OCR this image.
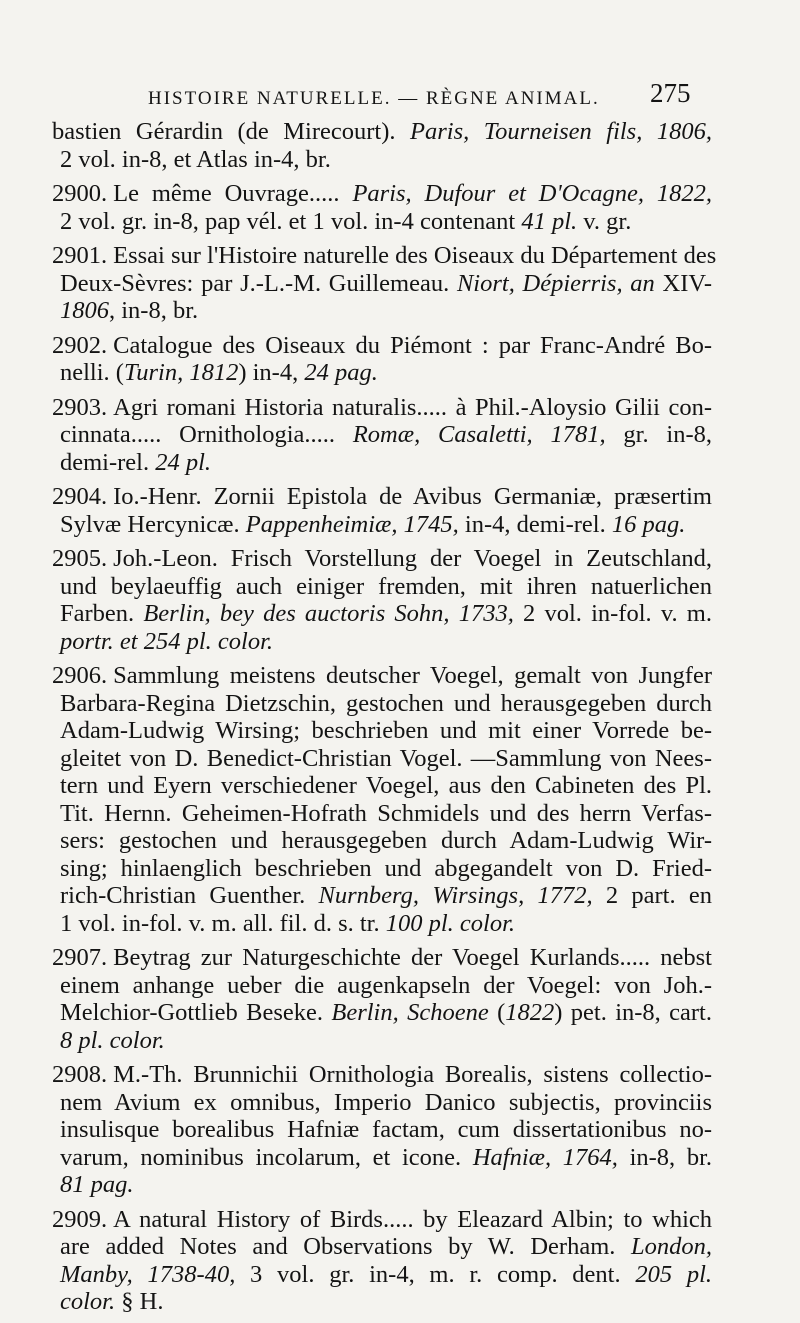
HISTOIRE NATURELLE. — RÈGNE ANIMAL. 275
bastien Gérardin (de Mirecourt). Paris, Tourneisen fils, 1806,
2 vol. in-8, et Atlas in-4, br.
2900. Le même Ouvrage..... Paris, Dufour et D'Ocagne, 1822,
2 vol. gr. in-8, pap vél. et 1 vol. in-4 contenant 41 pl. v. gr.
2901. Essai sur l'Histoire naturelle des Oiseaux du Département des
Deux-Sèvres: par J.-L.-M. Guillemeau. Niort, Dépierris, an XIV-
1806, in-8, br.
2902. Catalogue des Oiseaux du Piémont : par Franc-André Bo-
nelli. (Turin, 1812) in-4, 24 pag.
2903. Agri romani Historia naturalis..... à Phil.-Aloysio Gilii con-
cinnata..... Ornithologia..... Romæ, Casaletti, 1781, gr. in-8,
demi-rel. 24 pl.
2904. Io.-Henr. Zornii Epistola de Avibus Germaniæ, præsertim
Sylvæ Hercynicæ. Pappenheimiæ, 1745, in-4, demi-rel. 16 pag.
2905. Joh.-Leon. Frisch Vorstellung der Voegel in Zeutschland,
und beylaeuffig auch einiger fremden, mit ihren natuerlichen
Farben. Berlin, bey des auctoris Sohn, 1733, 2 vol. in-fol. v. m.
portr. et 254 pl. color.
2906. Sammlung meistens deutscher Voegel, gemalt von Jungfer
Barbara-Regina Dietzschin, gestochen und herausgegeben durch
Adam-Ludwig Wirsing; beschrieben und mit einer Vorrede be-
gleitet von D. Benedict-Christian Vogel. —Sammlung von Nees-
tern und Eyern verschiedener Voegel, aus den Cabineten des Pl.
Tit. Hernn. Geheimen-Hofrath Schmidels und des herrn Verfas-
sers: gestochen und herausgegeben durch Adam-Ludwig Wir-
sing; hinlaenglich beschrieben und abgegandelt von D. Fried-
rich-Christian Guenther. Nurnberg, Wirsings, 1772, 2 part. en
1 vol. in-fol. v. m. all. fil. d. s. tr. 100 pl. color.
2907. Beytrag zur Naturgeschichte der Voegel Kurlands..... nebst
einem anhange ueber die augenkapseln der Voegel: von Joh.-
Melchior-Gottlieb Beseke. Berlin, Schoene (1822) pet. in-8, cart.
8 pl. color.
2908. M.-Th. Brunnichii Ornithologia Borealis, sistens collectio-
nem Avium ex omnibus, Imperio Danico subjectis, provinciis
insulisque borealibus Hafniæ factam, cum dissertationibus no-
varum, nominibus incolarum, et icone. Hafniæ, 1764, in-8, br.
81 pag.
2909. A natural History of Birds..... by Eleazard Albin; to which
are added Notes and Observations by W. Derham. London,
Manby, 1738-40, 3 vol. gr. in-4, m. r. comp. dent. 205 pl.
color. § H.
